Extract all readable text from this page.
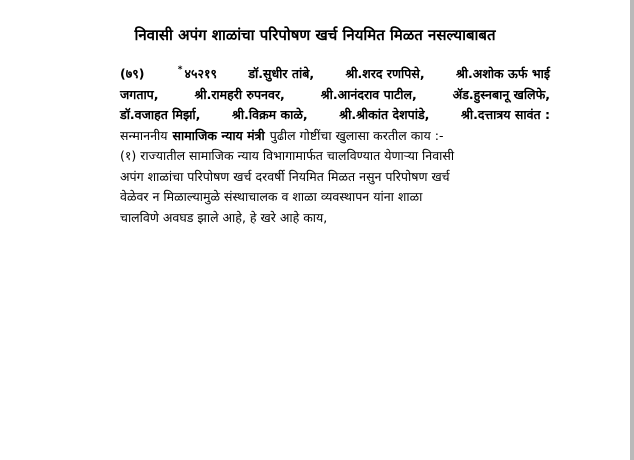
निवासी अपंग शाळांचा परिपोषण खर्च नियमित मिळत नसल्याबाबत
(७९)	* ४५२१९	डॉ.सुधीर तांबे,	श्री.शरद रणपिसे,	श्री.अशोक ऊर्फ भाई
जगताप,	श्री.रामहरी रुपनवर,	श्री.आनंदराव पाटील,	ॲड.हुस्नबानू खलिफे,
डॉ.वजाहत मिर्झा,	श्री.विक्रम काळे,	श्री.श्रीकांत देशपांडे,	श्री.दत्तात्रय सावंत :
सन्माननीय सामाजिक न्याय मंत्री पुढील गोष्टींचा खुलासा करतील काय :-
(१) राज्यातील सामाजिक न्याय विभागामार्फत चालविण्यात येणाऱ्या निवासी
अपंग शाळांचा परिपोषण खर्च दरवर्षी नियमित मिळत नसुन परिपोषण खर्च
वेळेवर न मिळाल्यामुळे संस्थाचालक व शाळा व्यवस्थापन यांना शाळा
चालविणे अवघड झाले आहे, हे खरे आहे काय,
